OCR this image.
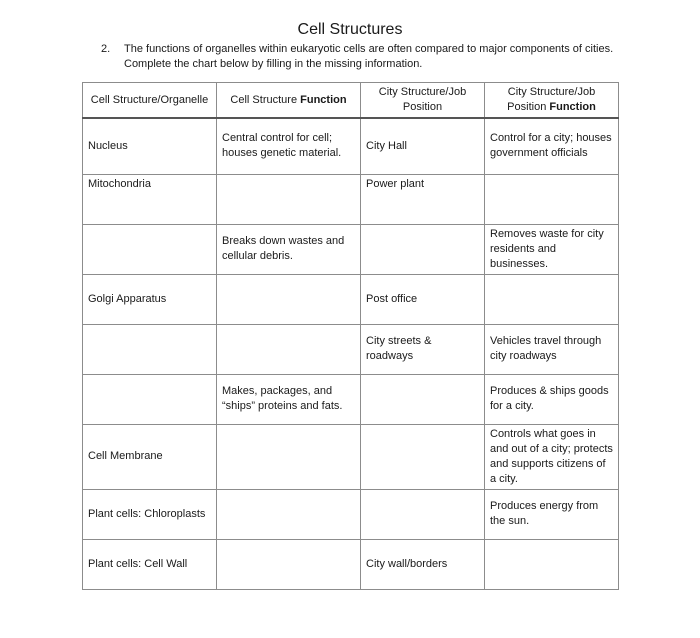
Cell Structures
2.	The functions of organelles within eukaryotic cells are often compared to major components of cities. Complete the chart below by filling in the missing information.
Cell Structure/Organelle	Cell Structure Function	City Structure/Job Position	City Structure/Job Position Function
Nucleus	Central control for cell; houses genetic material.	City Hall	Control for a city; houses government officials
Mitochondria		Power plant	
	Breaks down wastes and cellular debris.		Removes waste for city residents and businesses.
Golgi Apparatus		Post office	
		City streets & roadways	Vehicles travel through city roadways
	Makes, packages, and “ships” proteins and fats.		Produces & ships goods for a city.
Cell Membrane			Controls what goes in and out of a city; protects and supports citizens of a city.
Plant cells: Chloroplasts			Produces energy from the sun.
Plant cells: Cell Wall		City wall/borders	
